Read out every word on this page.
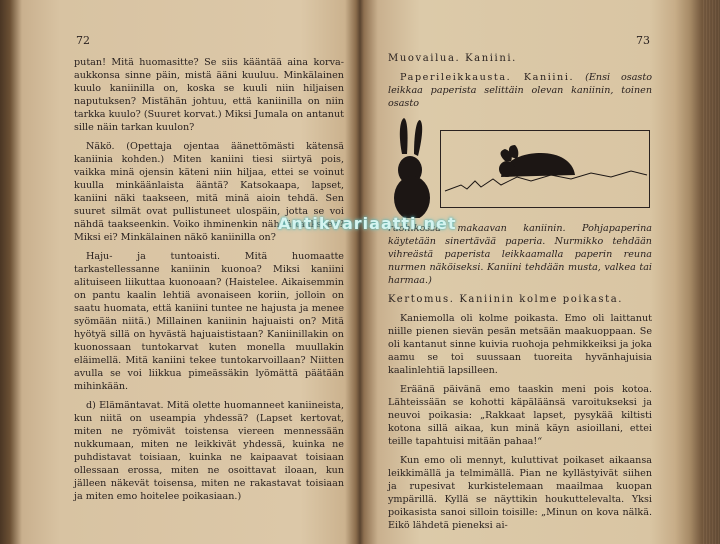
72

putan! Mitä huomasitte? Se siis kääntää aina korva-aukkonsa sinne päin, mistä ääni kuuluu. Minkälainen kuulo kaniinilla on, koska se kuuli niin hiljaisen naputuksen? Mistähän johtuu, että kaniinilla on niin tarkka kuulo? (Suuret korvat.) Miksi Jumala on antanut sille näin tarkan kuulon?

Näkö. (Opettaja ojentaa äänettömästi kätensä kaniinia kohden.) Miten kaniini tiesi siirtyä pois, vaikka minä ojensin käteni niin hiljaa, ettei se voinut kuulla minkäänlaista ääntä? Katsokaapa, lapset, kaniini näki taakseen, mitä minä aioin tehdä. Sen suuret silmät ovat pullistuneet ulospäin, jotta se voi nähdä taakseenkin. Voiko ihminenkin nähdä taakseen? Miksi ei? Minkälainen näkö kaniinilla on?

Haju- ja tuntoaisti. Mitä huomaatte tarkastellessanne kaniinin kuonoa? Miksi kaniini alituiseen liikuttaa kuonoaan? (Haistelee. Aikaisemmin on pantu kaalin lehtiä avonaiseen koriin, jolloin on saatu huomata, että kaniini tuntee ne hajusta ja menee syömään niitä.) Millainen kaniinin hajuaisti on? Mitä hyötyä sillä on hyvästä hajuaististaan? Kaniinillakin on kuonossaan tuntokarvat kuten monella muullakin eläimellä. Mitä kaniini tekee tuntokarvoillaan? Niitten avulla se voi liikkua pimeässäkin lyömättä päätään mihinkään.

d) Elämäntavat. Mitä olette huomanneet kaniineista, kun niitä on useampia yhdessä? (Lapset kertovat, miten ne ryömivät toistensa viereen mennessään nukkumaan, miten ne leikkivät yhdessä, kuinka ne puhdistavat toisiaan, kuinka ne kaipaavat toisiaan ollessaan erossa, miten ne osoittavat iloaan, kun jälleen näkevät toisensa, miten ne rakastavat toisiaan ja miten emo hoitelee poikasiaan.)

73
Muovailua. Kaniini.

Paperileikkausta. Kaniini. (Ensi osasto leikkaa paperista selittäin olevan kaniinin, toinen osasto

ruohikossa makaavan kaniinin. Pohjapaperina käytetään sinertävää paperia. Nurmikko tehdään vihreästä paperista leikkaamalla paperin reuna nurmen näköiseksi. Kaniini tehdään musta, valkea tai harmaa.)

Kertomus. Kaniinin kolme poikasta.

Kaniemolla oli kolme poikasta. Emo oli laittanut niille pienen sievän pesän metsään maakuoppaan. Se oli kantanut sinne kuivia ruohoja pehmikkeiksi ja joka aamu se toi suussaan tuoreita hyvänhajuisia kaalinlehtiä lapsilleen.

Eräänä päivänä emo taaskin meni pois kotoa. Lähteissään se kohotti käpäläänsä varoitukseksi ja neuvoi poikasia: „Rakkaat lapset, pysykää kiltisti kotona sillä aikaa, kun minä käyn asioillani, ettei teille tapahtuisi mitään pahaa!“

Kun emo oli mennyt, kuluttivat poikaset aikaansa leikkimällä ja telmimällä. Pian ne kyllästyivät siihen ja rupesivat kurkistelemaan maailmaa kuopan ympärillä. Kyllä se näyttikin houkuttelevalta. Yksi poikasista sanoi silloin toisille: „Minun on kova nälkä. Eikö lähdetä pieneksi ai-

Antikvariaatti.net
